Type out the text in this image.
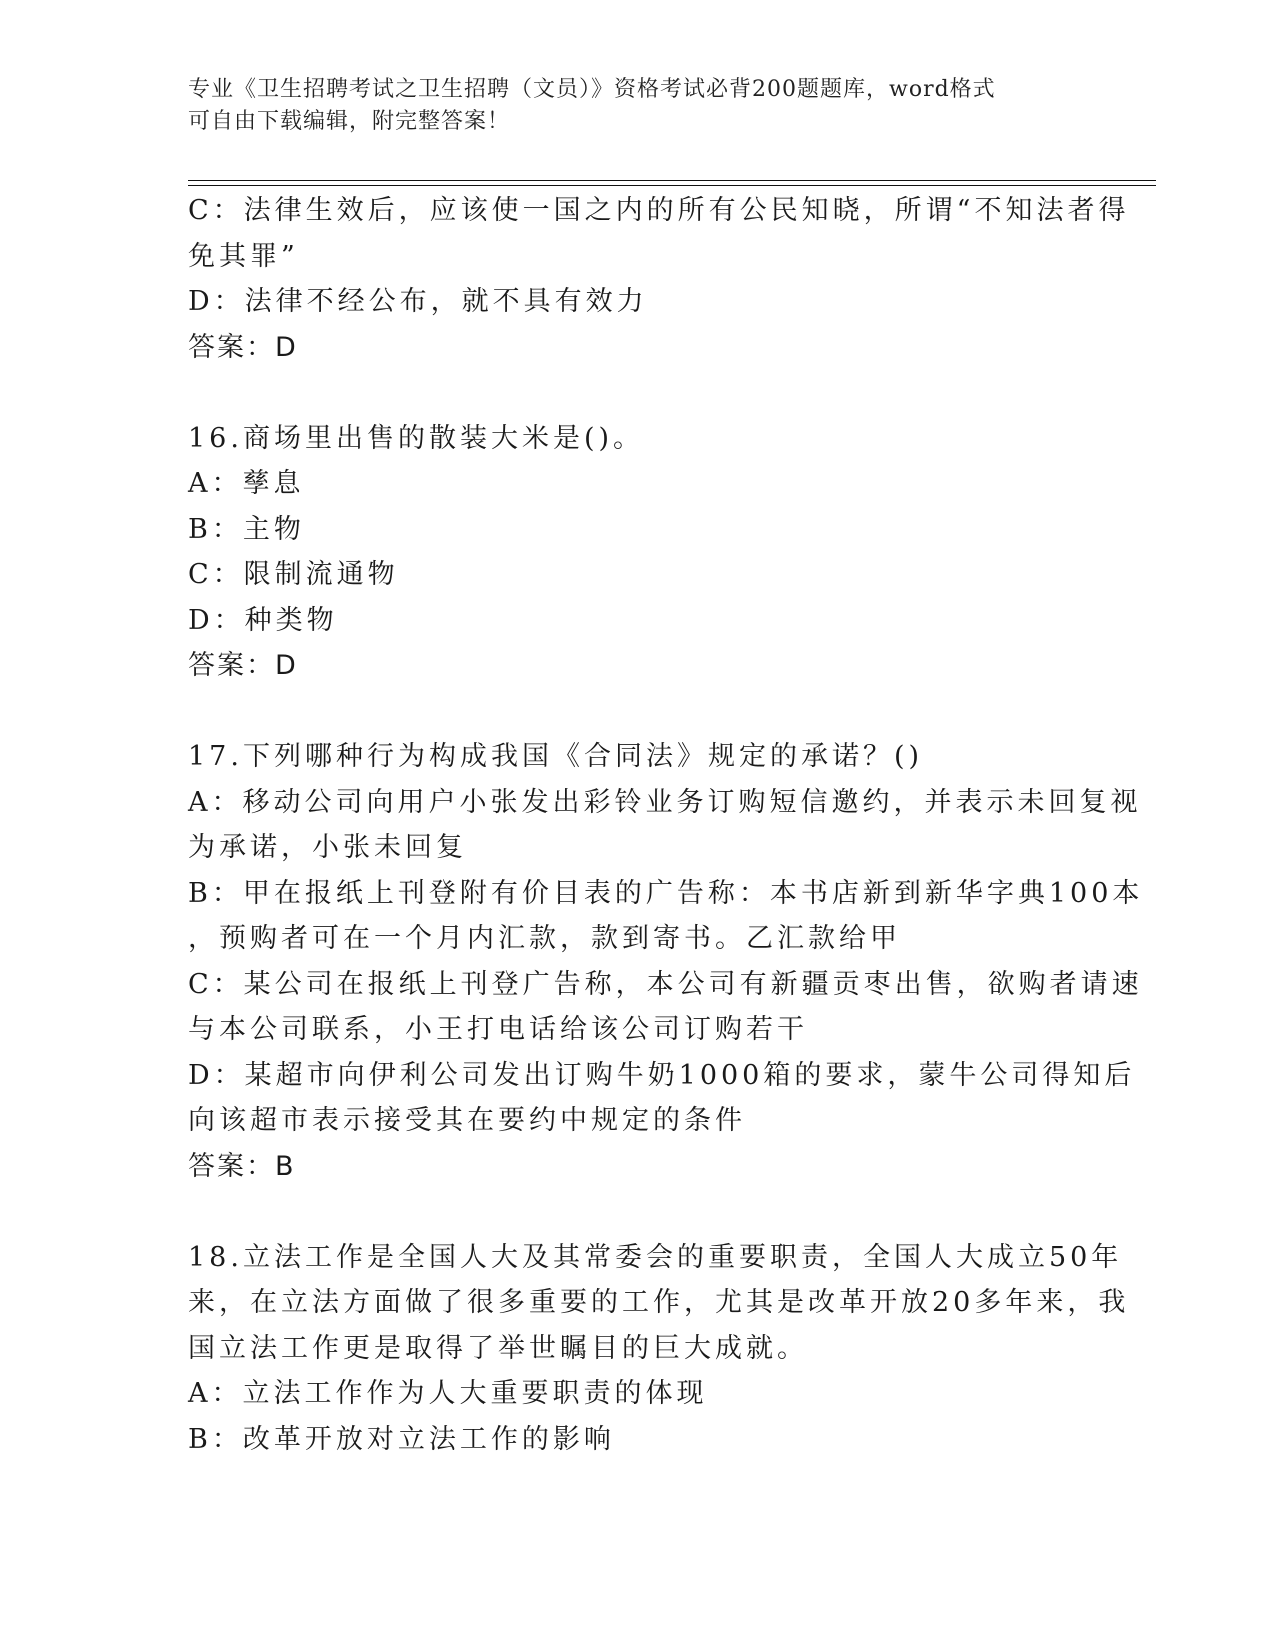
专业《卫生招聘考试之卫生招聘（文员）》资格考试必背200题题库，word格式
可自由下载编辑，附完整答案！
C：法律生效后，应该使一国之内的所有公民知晓，所谓“不知法者得
免其罪”
D：法律不经公布，就不具有效力
答案：D
16.商场里出售的散装大米是()。
A：孳息
B：主物
C：限制流通物
D：种类物
答案：D
17.下列哪种行为构成我国《合同法》规定的承诺？()
A：移动公司向用户小张发出彩铃业务订购短信邀约，并表示未回复视
为承诺，小张未回复
B：甲在报纸上刊登附有价目表的广告称：本书店新到新华字典100本
，预购者可在一个月内汇款，款到寄书。乙汇款给甲
C：某公司在报纸上刊登广告称，本公司有新疆贡枣出售，欲购者请速
与本公司联系，小王打电话给该公司订购若干
D：某超市向伊利公司发出订购牛奶1000箱的要求，蒙牛公司得知后
向该超市表示接受其在要约中规定的条件
答案：B
18.立法工作是全国人大及其常委会的重要职责，全国人大成立50年
来，在立法方面做了很多重要的工作，尤其是改革开放20多年来，我
国立法工作更是取得了举世瞩目的巨大成就。
A：立法工作作为人大重要职责的体现
B：改革开放对立法工作的影响
